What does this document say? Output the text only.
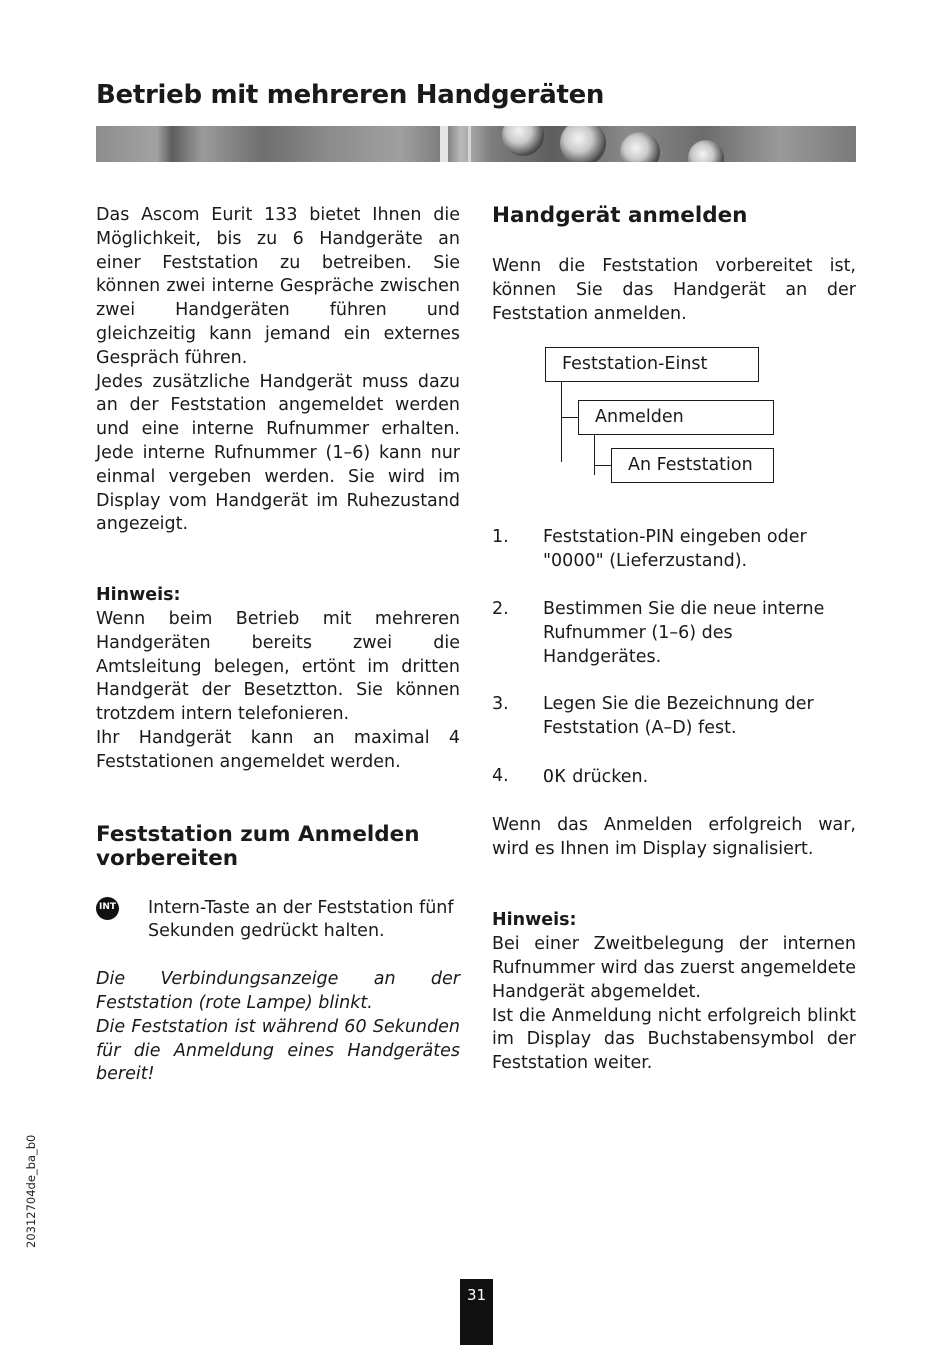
Betrieb mit mehreren Handgeräten
Das Ascom Eurit 133 bietet Ihnen die Möglichkeit, bis zu 6 Handgeräte an einer Feststation zu betreiben. Sie können zwei interne Gespräche zwischen zwei Handgeräten führen und gleichzeitig kann jemand ein externes Gespräch führen.
Jedes zusätzliche Handgerät muss dazu an der Feststation angemeldet werden und eine interne Rufnummer erhalten. Jede interne Rufnummer (1–6) kann nur einmal vergeben werden. Sie wird im Display vom Handgerät im Ruhezustand angezeigt.
Hinweis:
Wenn beim Betrieb mit mehreren Handgeräten bereits zwei die Amtsleitung belegen, ertönt im dritten Handgerät der Besetztton. Sie können trotzdem intern telefonieren.
Ihr Handgerät kann an maximal 4 Feststationen angemeldet werden.
Feststation zum Anmelden vorbereiten
INT Intern-Taste an der Feststation fünf Sekunden gedrückt halten.
Die Verbindungsanzeige an der Feststation (rote Lampe) blinkt.
Die Feststation ist während 60 Sekunden für die Anmeldung eines Handgerätes bereit!
Handgerät anmelden
Wenn die Feststation vorbereitet ist, können Sie das Handgerät an der Feststation anmelden.
Feststation-Einst
Anmelden
An Feststation
1.	Feststation-PIN eingeben oder "0000" (Lieferzustand).
2.	Bestimmen Sie die neue interne Rufnummer (1–6) des Handgerätes.
3.	Legen Sie die Bezeichnung der Feststation (A–D) fest.
4.	OK drücken.
Wenn das Anmelden erfolgreich war, wird es Ihnen im Display signalisiert.
Hinweis:
Bei einer Zweitbelegung der internen Rufnummer wird das zuerst angemeldete Handgerät abgemeldet.
Ist die Anmeldung nicht erfolgreich blinkt im Display das Buchstabensymbol der Feststation weiter.
20312704de_ba_b0
31
